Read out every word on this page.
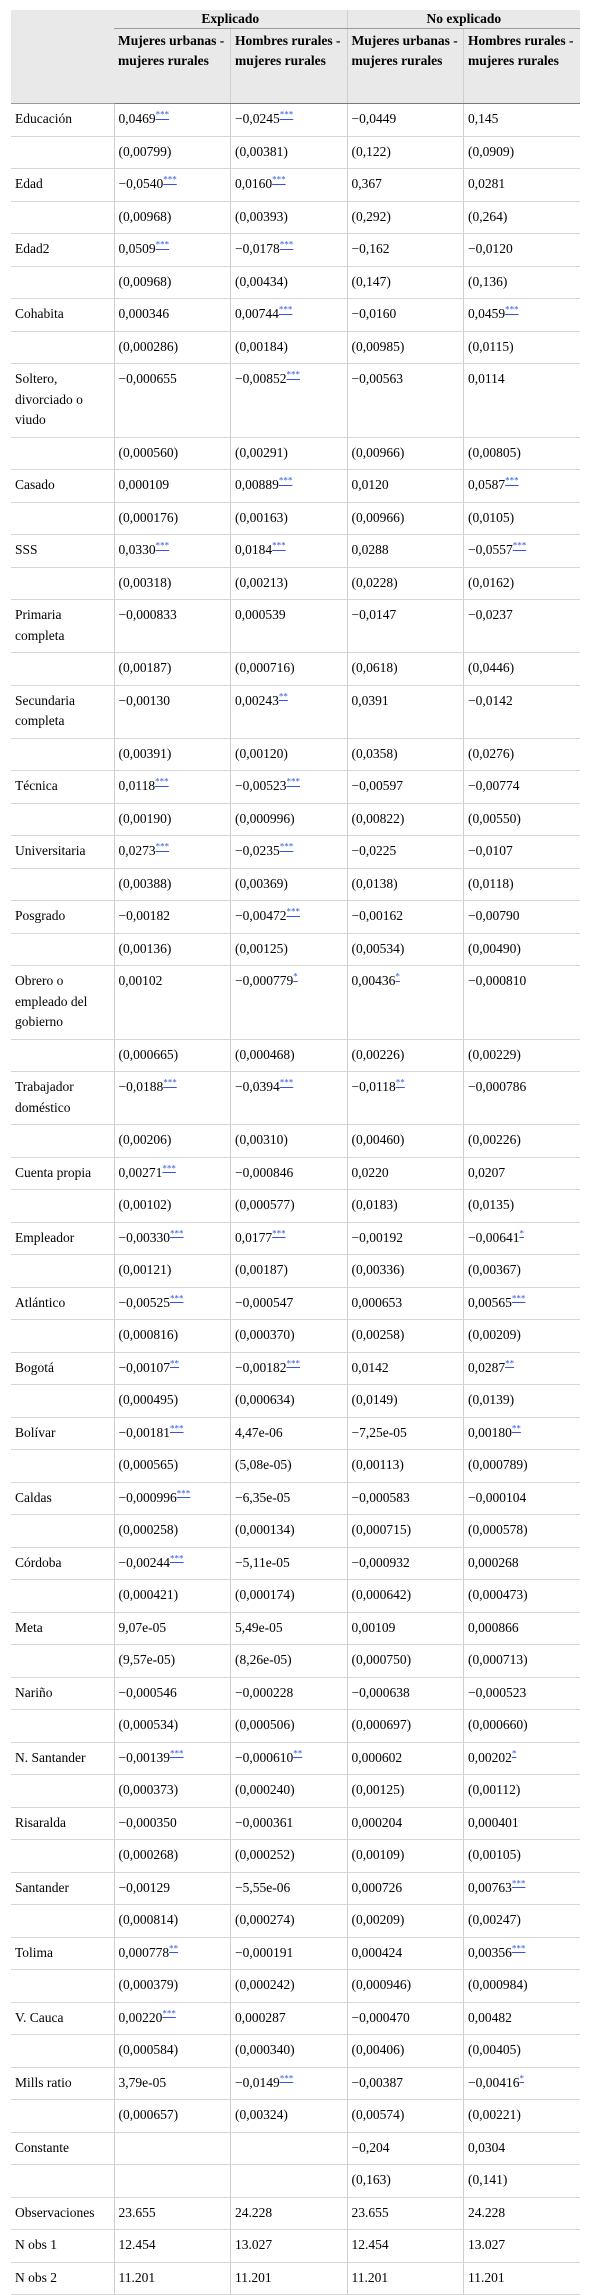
	Explicado		No explicado	
	Mujeres urbanas - mujeres rurales	Hombres rurales - mujeres rurales	Mujeres urbanas - mujeres rurales	Hombres rurales - mujeres rurales
Educación	0,0469***	−0,0245***	−0,0449	0,145
	(0,00799)	(0,00381)	(0,122)	(0,0909)
Edad	−0,0540***	0,0160***	0,367	0,0281
	(0,00968)	(0,00393)	(0,292)	(0,264)
Edad2	0,0509***	−0,0178***	−0,162	−0,0120
	(0,00968)	(0,00434)	(0,147)	(0,136)
Cohabita	0,000346	0,00744***	−0,0160	0,0459***
	(0,000286)	(0,00184)	(0,00985)	(0,0115)
Soltero, divorciado o viudo	−0,000655	−0,00852***	−0,00563	0,0114
	(0,000560)	(0,00291)	(0,00966)	(0,00805)
Casado	0,000109	0,00889***	0,0120	0,0587***
	(0,000176)	(0,00163)	(0,00966)	(0,0105)
SSS	0,0330***	0,0184***	0,0288	−0,0557***
	(0,00318)	(0,00213)	(0,0228)	(0,0162)
Primaria completa	−0,000833	0,000539	−0,0147	−0,0237
	(0,00187)	(0,000716)	(0,0618)	(0,0446)
Secundaria completa	−0,00130	0,00243**	0,0391	−0,0142
	(0,00391)	(0,00120)	(0,0358)	(0,0276)
Técnica	0,0118***	−0,00523***	−0,00597	−0,00774
	(0,00190)	(0,000996)	(0,00822)	(0,00550)
Universitaria	0,0273***	−0,0235***	−0,0225	−0,0107
	(0,00388)	(0,00369)	(0,0138)	(0,0118)
Posgrado	−0,00182	−0,00472***	−0,00162	−0,00790
	(0,00136)	(0,00125)	(0,00534)	(0,00490)
Obrero o empleado del gobierno	0,00102	−0,000779*	0,00436*	−0,000810
	(0,000665)	(0,000468)	(0,00226)	(0,00229)
Trabajador doméstico	−0,0188***	−0,0394***	−0,0118**	−0,000786
	(0,00206)	(0,00310)	(0,00460)	(0,00226)
Cuenta propia	0,00271***	−0,000846	0,0220	0,0207
	(0,00102)	(0,000577)	(0,0183)	(0,0135)
Empleador	−0,00330***	0,0177***	−0,00192	−0,00641*
	(0,00121)	(0,00187)	(0,00336)	(0,00367)
Atlántico	−0,00525***	−0,000547	0,000653	0,00565***
	(0,000816)	(0,000370)	(0,00258)	(0,00209)
Bogotá	−0,00107**	−0,00182***	0,0142	0,0287**
	(0,000495)	(0,000634)	(0,0149)	(0,0139)
Bolívar	−0,00181***	4,47e-06	−7,25e-05	0,00180**
	(0,000565)	(5,08e-05)	(0,00113)	(0,000789)
Caldas	−0,000996***	−6,35e-05	−0,000583	−0,000104
	(0,000258)	(0,000134)	(0,000715)	(0,000578)
Córdoba	−0,00244***	−5,11e-05	−0,000932	0,000268
	(0,000421)	(0,000174)	(0,000642)	(0,000473)
Meta	9,07e-05	5,49e-05	0,00109	0,000866
	(9,57e-05)	(8,26e-05)	(0,000750)	(0,000713)
Nariño	−0,000546	−0,000228	−0,000638	−0,000523
	(0,000534)	(0,000506)	(0,000697)	(0,000660)
N. Santander	−0,00139***	−0,000610**	0,000602	0,00202*
	(0,000373)	(0,000240)	(0,00125)	(0,00112)
Risaralda	−0,000350	−0,000361	0,000204	0,000401
	(0,000268)	(0,000252)	(0,00109)	(0,00105)
Santander	−0,00129	−5,55e-06	0,000726	0,00763***
	(0,000814)	(0,000274)	(0,00209)	(0,00247)
Tolima	0,000778**	−0,000191	0,000424	0,00356***
	(0,000379)	(0,000242)	(0,000946)	(0,000984)
V. Cauca	0,00220***	0,000287	−0,000470	0,00482
	(0,000584)	(0,000340)	(0,00406)	(0,00405)
Mills ratio	3,79e-05	−0,0149***	−0,00387	−0,00416*
	(0,000657)	(0,00324)	(0,00574)	(0,00221)
Constante			−0,204	0,0304
			(0,163)	(0,141)
Observaciones	23.655	24.228	23.655	24.228
N obs 1	12.454	13.027	12.454	13.027
N obs 2	11.201	11.201	11.201	11.201
